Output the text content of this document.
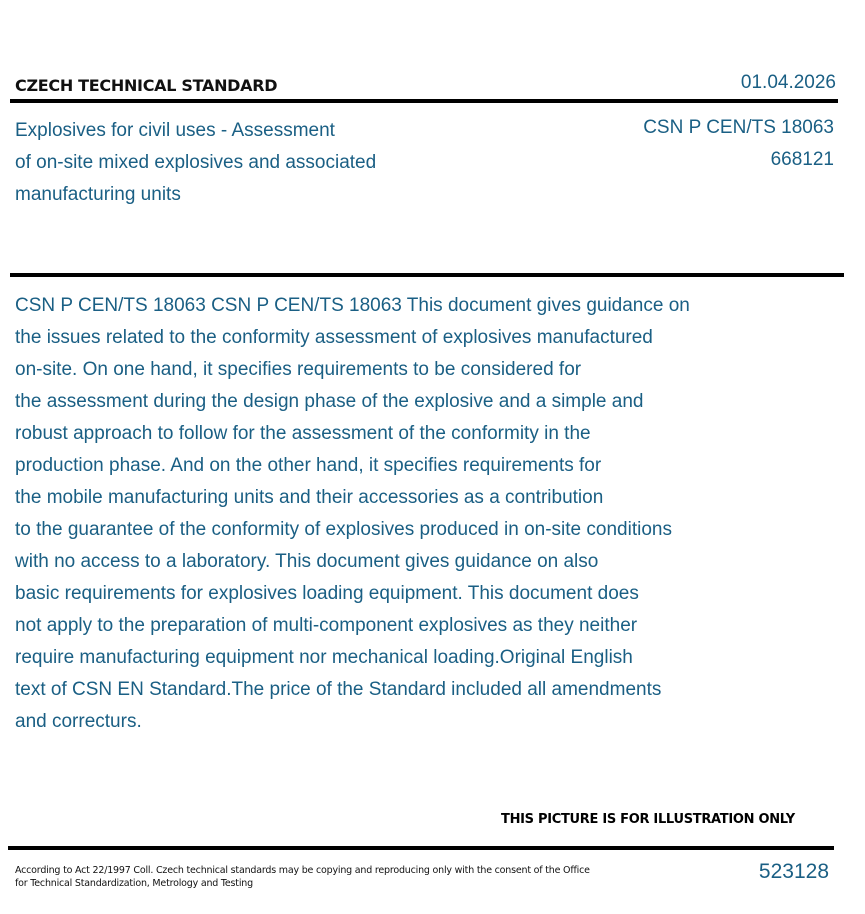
CZECH TECHNICAL STANDARD	01.04.2026
Explosives for civil uses - Assessment
of on-site mixed explosives and associated
manufacturing units
CSN P CEN/TS 18063
668121
CSN P CEN/TS 18063 CSN P CEN/TS 18063 This document gives guidance on
the issues related to the conformity assessment of explosives manufactured
on-site. On one hand, it specifies requirements to be considered for
the assessment during the design phase of the explosive and a simple and
robust approach to follow for the assessment of the conformity in the
production phase. And on the other hand, it specifies requirements for
the mobile manufacturing units and their accessories as a contribution
to the guarantee of the conformity of explosives produced in on-site conditions
with no access to a laboratory. This document gives guidance on also
basic requirements for explosives loading equipment. This document does
not apply to the preparation of multi-component explosives as they neither
require manufacturing equipment nor mechanical loading.Original English
text of CSN EN Standard.The price of the Standard included all amendments
and correcturs.
THIS PICTURE IS FOR ILLUSTRATION ONLY
According to Act 22/1997 Coll. Czech technical standards may be copying and reproducing only with the consent of the Office
for Technical Standardization, Metrology and Testing
523128
